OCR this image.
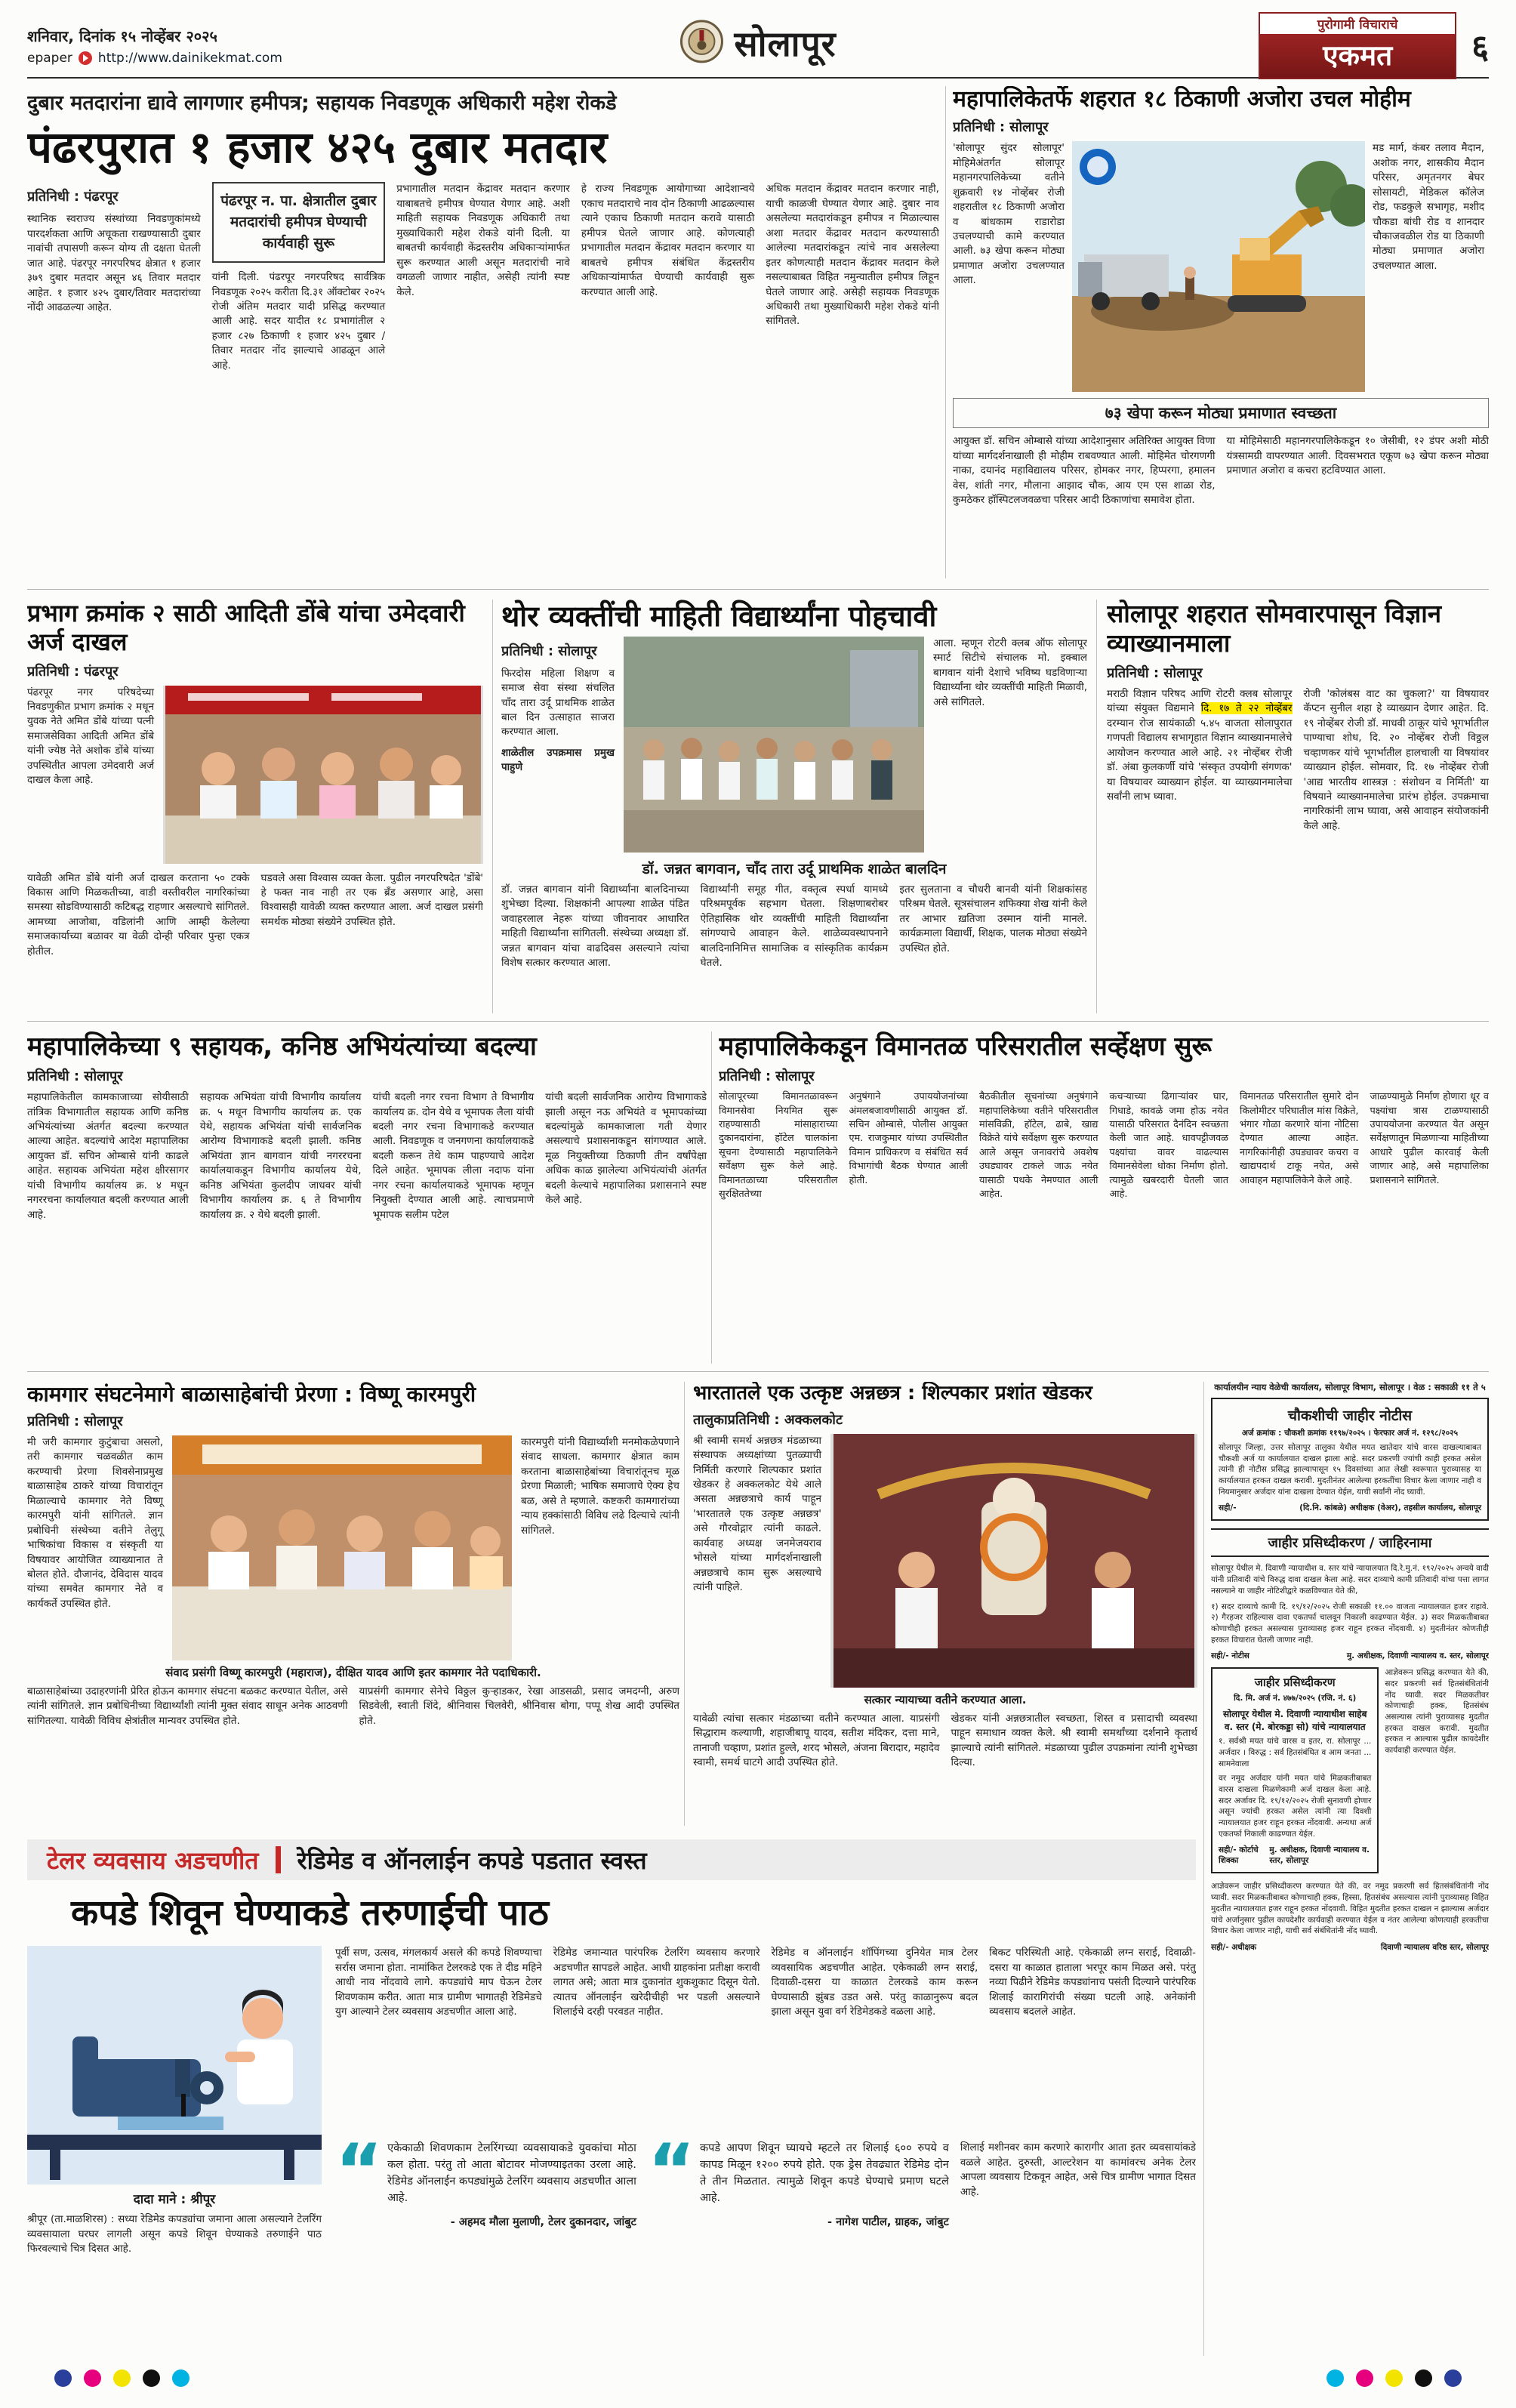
शनिवार, दिनांक १५ नोव्हेंबर २०२५
epaper http://www.dainikekmat.com	सोलापूर	पुरोगामी विचाराचे
एकमत	६
दुबार मतदारांना द्यावे लागणार हमीपत्र; सहायक निवडणूक अधिकारी महेश रोकडे
पंढरपुरात १ हजार ४२५ दुबार मतदार
प्रतिनिधी : पंढरपूर
स्थानिक स्वराज्य संस्थांच्या निवडणुकांमध्ये पारदर्शकता आणि अचूकता राखण्यासाठी दुबार नावांची तपासणी करून योग्य ती दक्षता घेतली जात आहे. पंढरपूर नगरपरिषद क्षेत्रात १ हजार ३७९ दुबार मतदार असून ४६ तिवार मतदार आहेत. १ हजार ४२५ दुबार/तिवार मतदारांच्या नोंदी आढळल्या आहेत.
पंढरपूर न. पा. क्षेत्रातील दुबार मतदारांची हमीपत्र घेण्याची कार्यवाही सुरू
यांनी दिली. पंढरपूर नगरपरिषद सार्वत्रिक निवडणूक २०२५ करीता दि.३१ ऑक्टोबर २०२५ रोजी अंतिम मतदार यादी प्रसिद्ध करण्यात आली आहे. सदर यादीत १८ प्रभागांतील २ हजार ८२७ ठिकाणी १ हजार ४२५ दुबार / तिवार मतदार नोंद झाल्याचे आढळून आले आहे.
प्रभागातील मतदान केंद्रावर मतदान करणार याबाबतचे हमीपत्र घेण्यात येणार आहे. अशी माहिती सहायक निवडणूक अधिकारी तथा मुख्याधिकारी महेश रोकडे यांनी दिली. या बाबतची कार्यवाही केंद्रस्तरीय अधिकाऱ्यांमार्फत सुरू करण्यात आली असून मतदारांची नावे वगळली जाणार नाहीत, असेही त्यांनी स्पष्ट केले.
हे राज्य निवडणूक आयोगाच्या आदेशान्वये एकाच मतदाराचे नाव दोन ठिकाणी आढळल्यास त्याने एकाच ठिकाणी मतदान करावे यासाठी हमीपत्र घेतले जाणार आहे. कोणत्याही प्रभागातील मतदान केंद्रावर मतदान करणार या बाबतचे हमीपत्र संबंधित केंद्रस्तरीय अधिकाऱ्यांमार्फत घेण्याची कार्यवाही सुरू करण्यात आली आहे.
अधिक मतदान केंद्रावर मतदान करणार नाही, याची काळजी घेण्यात येणार आहे. दुबार नाव असलेल्या मतदारांकडून हमीपत्र न मिळाल्यास अशा मतदार केंद्रावर मतदान करण्यासाठी आलेल्या मतदारांकडून त्यांचे नाव असलेल्या इतर कोणत्याही मतदान केंद्रावर मतदान केले नसल्याबाबत विहित नमुन्यातील हमीपत्र लिहून घेतले जाणार आहे. असेही सहायक निवडणूक अधिकारी तथा मुख्याधिकारी महेश रोकडे यांनी सांगितले.
महापालिकेतर्फे शहरात १८ ठिकाणी अजोरा उचल मोहीम
प्रतिनिधी : सोलापूर
'सोलापूर सुंदर सोलापूर' मोहिमेअंतर्गत सोलापूर महानगरपालिकेच्या वतीने शुक्रवारी १४ नोव्हेंबर रोजी शहरातील १८ ठिकाणी अजोरा व बांधकाम राडारोडा उचलण्याची कामे करण्यात आली. ७३ खेपा करून मोठ्या प्रमाणात अजोरा उचलण्यात आला.
मड मार्ग, कंबर तलाव मैदान, अशोक नगर, शासकीय मैदान परिसर, अमृतनगर बेघर सोसायटी, मेडिकल कॉलेज रोड, फडकुले सभागृह, मशीद चौकडा बांधी रोड व शानदार चौकाजवळील रोड या ठिकाणी मोठ्या प्रमाणात अजोरा उचलण्यात आला.
७३ खेपा करून मोठ्या प्रमाणात स्वच्छता
आयुक्त डॉ. सचिन ओम्बासे यांच्या आदेशानुसार अतिरिक्त आयुक्त विणा यांच्या मार्गदर्शनाखाली ही मोहीम राबवण्यात आली. मोहिमेत चोरगणगी नाका, दयानंद महाविद्यालय परिसर, होमकर नगर, हिप्परगा, हमालन वेस, शांती नगर, मौलाना आझाद चौक, आय एम एस शाळा रोड, कुमठेकर हॉस्पिटलजवळचा परिसर आदी ठिकाणांचा समावेश होता.
या मोहिमेसाठी महानगरपालिकेकडून १० जेसीबी, १२ डंपर अशी मोठी यंत्रसामग्री वापरण्यात आली. दिवसभरात एकूण ७३ खेपा करून मोठ्या प्रमाणात अजोरा व कचरा हटविण्यात आला.
प्रभाग क्रमांक २ साठी आदिती डोंबे यांचा उमेदवारी अर्ज दाखल
प्रतिनिधी : पंढरपूर
पंढरपूर नगर परिषदेच्या निवडणुकीत प्रभाग क्रमांक २ मधून युवक नेते अमित डोंबे यांच्या पत्नी समाजसेविका आदिती अमित डोंबे यांनी ज्येष्ठ नेते अशोक डोंबे यांच्या उपस्थितीत आपला उमेदवारी अर्ज दाखल केला आहे.
यावेळी अमित डोंबे यांनी अर्ज दाखल करताना ५० टक्के विकास आणि मिळकतीच्या, वाडी वस्तीवरील नागरिकांच्या समस्या सोडविण्यासाठी कटिबद्ध राहणार असल्याचे सांगितले. आमच्या आजोबा, वडिलांनी आणि आम्ही केलेल्या समाजकार्याच्या बळावर या वेळी दोन्ही परिवार पुन्हा एकत्र होतील.
घडवले असा विश्वास व्यक्त केला. पुढील नगरपरिषदेत 'डोंबे' हे फक्त नाव नाही तर एक ब्रँड असणार आहे, असा विश्वासही यावेळी व्यक्त करण्यात आला. अर्ज दाखल प्रसंगी समर्थक मोठ्या संख्येने उपस्थित होते.
थोर व्यक्तींची माहिती विद्यार्थ्यांना पोहचावी
प्रतिनिधी : सोलापूर
फिरदोस महिला शिक्षण व समाज सेवा संस्था संचलित चाँद तारा उर्दू प्राथमिक शाळेत बाल दिन उत्साहात साजरा करण्यात आला.
शाळेतील उपक्रमास प्रमुख पाहुणे
आला. म्हणून रोटरी क्लब ऑफ सोलापूर स्मार्ट सिटीचे संचालक मो. इक्बाल बागवान यांनी देशाचे भविष्य घडविणाऱ्या विद्यार्थ्यांना थोर व्यक्तींची माहिती मिळावी, असे सांगितले.
डॉ. जन्नत बागवान, चाँद तारा उर्दू प्राथमिक शाळेत बालदिन
डॉ. जन्नत बागवान यांनी विद्यार्थ्यांना बालदिनाच्या शुभेच्छा दिल्या. शिक्षकांनी आपल्या शाळेत पंडित जवाहरलाल नेहरू यांच्या जीवनावर आधारित माहिती विद्यार्थ्यांना सांगितली. संस्थेच्या अध्यक्षा डॉ. जन्नत बागवान यांचा वाढदिवस असल्याने त्यांचा विशेष सत्कार करण्यात आला.
विद्यार्थ्यांनी समूह गीत, वक्तृत्व स्पर्धा यामध्ये परिश्रमपूर्वक सहभाग घेतला. शिक्षणाबरोबर ऐतिहासिक थोर व्यक्तींची माहिती विद्यार्थ्यांना सांगण्याचे आवाहन केले. शाळेव्यवस्थापनाने बालदिनानिमित्त सामाजिक व सांस्कृतिक कार्यक्रम घेतले.
इतर सुलताना व चौधरी बानवी यांनी शिक्षकांसह परिश्रम घेतले. सूत्रसंचालन शफिक्या शेख यांनी केले तर आभार ख़तिजा उस्मान यांनी मानले. कार्यक्रमाला विद्यार्थी, शिक्षक, पालक मोठ्या संख्येने उपस्थित होते.
सोलापूर शहरात सोमवारपासून विज्ञान व्याख्यानमाला
प्रतिनिधी : सोलापूर
मराठी विज्ञान परिषद आणि रोटरी क्लब सोलापूर यांच्या संयुक्त विद्यमाने दि. १७ ते २२ नोव्हेंबर दरम्यान रोज सायंकाळी ५.४५ वाजता सोलापुरात गणपती विद्यालय सभागृहात विज्ञान व्याख्यानमालेचे आयोजन करण्यात आले आहे. २१ नोव्हेंबर रोजी डॉ. अंबा कुलकर्णी यांचे 'संस्कृत उपयोगी संगणक' या विषयावर व्याख्यान होईल. या व्याख्यानमालेचा सर्वांनी लाभ घ्यावा.
रोजी 'कोलंबस वाट का चुकला?' या विषयावर कॅप्टन सुनील शहा हे व्याख्यान देणार आहेत. दि. १९ नोव्हेंबर रोजी डॉ. माधवी ठाकूर यांचे भूगर्भातील पाण्याचा शोध, दि. २० नोव्हेंबर रोजी विठ्ठल चव्हाणकर यांचे भूगर्भातील हालचाली या विषयांवर व्याख्यान होईल. सोमवार, दि. १७ नोव्हेंबर रोजी 'आद्य भारतीय शास्त्रज्ञ : संशोधन व निर्मिती' या विषयाने व्याख्यानमालेचा प्रारंभ होईल. उपक्रमाचा नागरिकांनी लाभ घ्यावा, असे आवाहन संयोजकांनी केले आहे.
महापालिकेच्या ९ सहायक, कनिष्ठ अभियंत्यांच्या बदल्या
प्रतिनिधी : सोलापूर
महापालिकेतील कामकाजाच्या सोयीसाठी तांत्रिक विभागातील सहायक आणि कनिष्ठ अभियंत्यांच्या अंतर्गत बदल्या करण्यात आल्या आहेत. बदल्यांचे आदेश महापालिका आयुक्त डॉ. सचिन ओम्बासे यांनी काढले आहेत. सहायक अभियंता महेश क्षीरसागर यांची विभागीय कार्यालय क्र. ४ मधून नगररचना कार्यालयात बदली करण्यात आली आहे.
सहायक अभियंता यांची विभागीय कार्यालय क्र. ५ मधून विभागीय कार्यालय क्र. एक येथे, सहायक अभियंता यांची सार्वजनिक आरोग्य विभागाकडे बदली झाली. कनिष्ठ अभियंता ज्ञान बागवान यांची नगररचना कार्यालयाकडून विभागीय कार्यालय येथे, कनिष्ठ अभियंता कुलदीप जाधवर यांची विभागीय कार्यालय क्र. ६ ते विभागीय कार्यालय क्र. २ येथे बदली झाली.
यांची बदली नगर रचना विभाग ते विभागीय कार्यालय क्र. दोन येथे व भूमापक लैला यांची बदली नगर रचना विभागाकडे करण्यात आली. निवडणूक व जनगणना कार्यालयाकडे बदली करून तेथे काम पाहण्याचे आदेश दिले आहेत. भूमापक लीला नदाफ यांना नगर रचना कार्यालयाकडे भूमापक म्हणून नियुक्ती देण्यात आली आहे. त्याचप्रमाणे भूमापक सलीम पटेल
यांची बदली सार्वजनिक आरोग्य विभागाकडे झाली असून नऊ अभियंते व भूमापकांच्या बदल्यांमुळे कामकाजाला गती येणार असल्याचे प्रशासनाकडून सांगण्यात आले. मूळ नियुक्तीच्या ठिकाणी तीन वर्षांपेक्षा अधिक काळ झालेल्या अभियंत्यांची अंतर्गत बदली केल्याचे महापालिका प्रशासनाने स्पष्ट केले आहे.
महापालिकेकडून विमानतळ परिसरातील सर्व्हेक्षण सुरू
प्रतिनिधी : सोलापूर
सोलापूरच्या विमानतळावरून विमानसेवा नियमित सुरू राहण्यासाठी मांसाहाराच्या दुकानदारांना, हॉटेल चालकांना सूचना देण्यासाठी महापालिकेने सर्वेक्षण सुरू केले आहे. विमानतळाच्या परिसरातील सुरक्षिततेच्या
अनुषंगाने उपाययोजनांच्या अंमलबजावणीसाठी आयुक्त डॉ. सचिन ओम्बासे, पोलीस आयुक्त एम. राजकुमार यांच्या उपस्थितीत विमान प्राधिकरण व संबंधित सर्व विभागांची बैठक घेण्यात आली होती.
बैठकीतील सूचनांच्या अनुषंगाने महापालिकेच्या वतीने परिसरातील मांसविक्री, हॉटेल, ढाबे, खाद्य विक्रेते यांचे सर्वेक्षण सुरू करण्यात आले असून जनावरांचे अवशेष उघड्यावर टाकले जाऊ नयेत यासाठी पथके नेमण्यात आली आहेत.
कचऱ्याच्या ढिगाऱ्यांवर घार, गिधाडे, कावळे जमा होऊ नयेत यासाठी परिसरात दैनंदिन स्वच्छता केली जात आहे. धावपट्टीजवळ पक्ष्यांचा वावर वाढल्यास विमानसेवेला धोका निर्माण होतो. त्यामुळे खबरदारी घेतली जात आहे.
विमानतळ परिसरातील सुमारे दोन किलोमीटर परिघातील मांस विक्रेते, भंगार गोळा करणारे यांना नोटिसा देण्यात आल्या आहेत. नागरिकांनीही उघड्यावर कचरा व खाद्यपदार्थ टाकू नयेत, असे आवाहन महापालिकेने केले आहे.
जाळण्यामुळे निर्माण होणारा धूर व पक्ष्यांचा त्रास टाळण्यासाठी उपाययोजना करण्यात येत असून सर्वेक्षणातून मिळणाऱ्या माहितीच्या आधारे पुढील कारवाई केली जाणार आहे, असे महापालिका प्रशासनाने सांगितले.
कामगार संघटनेमागे बाळासाहेबांची प्रेरणा : विष्णू कारमपुरी
प्रतिनिधी : सोलापूर
मी जरी कामगार कुटुंबाचा असलो, तरी कामगार चळवळीत काम करण्याची प्रेरणा शिवसेनाप्रमुख बाळासाहेब ठाकरे यांच्या विचारांतून मिळाल्याचे कामगार नेते विष्णू कारमपुरी यांनी सांगितले. ज्ञान प्रबोधिनी संस्थेच्या वतीने तेलुगू भाषिकांचा विकास व संस्कृती या विषयावर आयोजित व्याख्यानात ते बोलत होते. दौजानंद, देविदास यादव यांच्या समवेत कामगार नेते व कार्यकर्ते उपस्थित होते.
कारमपुरी यांनी विद्यार्थ्यांशी मनमोकळेपणाने संवाद साधला. कामगार क्षेत्रात काम करताना बाळासाहेबांच्या विचारांतूनच मूळ प्रेरणा मिळाली; भाषिक समाजाचे ऐक्य हेच बळ, असे ते म्हणाले. कष्टकरी कामगारांच्या न्याय हक्कांसाठी विविध लढे दिल्याचे त्यांनी सांगितले.
संवाद प्रसंगी विष्णू कारमपुरी (महाराज), दीक्षित यादव आणि इतर कामगार नेते पदाधिकारी.
बाळासाहेबांच्या उदाहरणांनी प्रेरित होऊन कामगार संघटना बळकट करण्यात येतील, असे त्यांनी सांगितले. ज्ञान प्रबोधिनीच्या विद्यार्थ्यांशी त्यांनी मुक्त संवाद साधून अनेक आठवणी सांगितल्या. यावेळी विविध क्षेत्रांतील मान्यवर उपस्थित होते.
याप्रसंगी कामगार सेनेचे विठ्ठल कुऱ्हाडकर, रेखा आडसळी, प्रसाद जमदग्नी, अरुण सिडवेली, स्वाती शिंदे, श्रीनिवास चिलवेरी, श्रीनिवास बोगा, पप्पू शेख आदी उपस्थित होते.
भारतातले एक उत्कृष्ट अन्नछत्र : शिल्पकार प्रशांत खेडकर
तालुकाप्रतिनिधी : अक्कलकोट
श्री स्वामी समर्थ अन्नछत्र मंडळाच्या संस्थापक अध्यक्षांच्या पुतळ्याची निर्मिती करणारे शिल्पकार प्रशांत खेडकर हे अक्कलकोट येथे आले असता अन्नछत्राचे कार्य पाहून 'भारतातले एक उत्कृष्ट अन्नछत्र' असे गौरवोद्गार त्यांनी काढले. कार्यवाह अध्यक्ष जनमेजयराव भोसले यांच्या मार्गदर्शनाखाली अन्नछत्राचे काम सुरू असल्याचे त्यांनी पाहिले.
सत्कार न्यायाच्या वतीने करण्यात आला.
यावेळी त्यांचा सत्कार मंडळाच्या वतीने करण्यात आला. याप्रसंगी सिद्धाराम कल्याणी, शहाजीबापू यादव, सतीश मंदिकर, दत्ता माने, तानाजी चव्हाण, प्रशांत हुल्ले, शरद भोसले, अंजना बिरादार, महादेव स्वामी, समर्थ घाटगे आदी उपस्थित होते.
खेडकर यांनी अन्नछत्रातील स्वच्छता, शिस्त व प्रसादाची व्यवस्था पाहून समाधान व्यक्त केले. श्री स्वामी समर्थांच्या दर्शनाने कृतार्थ झाल्याचे त्यांनी सांगितले. मंडळाच्या पुढील उपक्रमांना त्यांनी शुभेच्छा दिल्या.
कार्यालयीन न्याय वेळेची कार्यालय, सोलापूर विभाग, सोलापूर । वेळ : सकाळी ११ ते ५
चौकशीची जाहीर नोटीस
अर्ज क्रमांक : चौकशी क्रमांक ११९७/२०२५ । फेरफार अर्ज नं. १२९८/२०२५
सोलापूर जिल्हा, उत्तर सोलापूर तालुका येथील मयत खातेदार यांचे वारस दाखल्याबाबत चौकशी अर्ज या कार्यालयात दाखल झाला आहे. सदर प्रकरणी ज्यांची काही हरकत असेल त्यांनी ही नोटीस प्रसिद्ध झाल्यापासून १५ दिवसांच्या आत लेखी स्वरूपात पुराव्यासह या कार्यालयात हरकत दाखल करावी. मुदतीनंतर आलेल्या हरकतींचा विचार केला जाणार नाही व नियमानुसार अर्जदार यांना दाखला देण्यात येईल, याची सर्वांनी नोंद घ्यावी.
सही/-	(दि.नि. कांबळे) अधीक्षक (वेअर), तहसील कार्यालय, सोलापूर
जाहीर प्रसिध्दीकरण / जाहिरनामा
सोलापूर येथील मे. दिवाणी न्यायाधीश व. स्तर यांचे न्यायालयात दि.रे.मु.नं. १९२/२०२५ अन्वये वादी यांनी प्रतिवादी यांचे विरुद्ध दावा दाखल केला आहे. सदर दाव्याचे कामी प्रतिवादी यांचा पत्ता लागत नसल्याने या जाहीर नोटिशीद्वारे कळविण्यात येते की,
१) सदर दाव्याचे कामी दि. १९/१२/२०२५ रोजी सकाळी ११.०० वाजता न्यायालयात हजर राहावे. २) गैरहजर राहिल्यास दावा एकतर्फा चालवून निकाली काढण्यात येईल. ३) सदर मिळकतीबाबत कोणाचीही हरकत असल्यास पुराव्यासह हजर राहून हरकत नोंदवावी. ४) मुदतीनंतर कोणतीही हरकत विचारात घेतली जाणार नाही.
सही/- नोटीस	मु. अधीक्षक, दिवाणी न्यायालय व. स्तर, सोलापूर
जाहीर प्रसिध्दीकरण
दि. मि. अर्ज नं. ४७७/२०२५ (रजि. नं. ६)
सोलापूर येथील मे. दिवाणी न्यायाधीश साहेब व. स्तर (मे. बोरकड्डा सो) यांचे न्यायालयात
१. सर्वश्री मयत यांचे वारस व इतर, रा. सोलापूर ... अर्जदार । विरुद्ध : सर्व हितसंबंधित व आम जनता ... सामनेवाला
वर नमूद अर्जदार यांनी मयत यांचे मिळकतीबाबत वारस दाखला मिळणेकामी अर्ज दाखल केला आहे. सदर अर्जावर दि. १९/१२/२०२५ रोजी सुनावणी होणार असून ज्यांची हरकत असेल त्यांनी त्या दिवशी न्यायालयात हजर राहून हरकत नोंदवावी. अन्यथा अर्ज एकतर्फा निकाली काढण्यात येईल.
सही/- कोर्टाचे शिक्का
मु. अधीक्षक, दिवाणी न्यायालय व. स्तर, सोलापूर
आज्ञेवरून प्रसिद्ध करण्यात येते की, सदर प्रकरणी सर्व हितसंबंधितांनी नोंद घ्यावी. सदर मिळकतीवर कोणाचाही हक्क, हितसंबंध असल्यास त्यांनी पुराव्यासह मुदतीत हरकत दाखल करावी. मुदतीत हरकत न आल्यास पुढील कायदेशीर कार्यवाही करण्यात येईल.
आज्ञेवरून जाहीर प्रसिध्दीकरण करण्यात येते की, वर नमूद प्रकरणी सर्व हितसंबंधितांनी नोंद घ्यावी. सदर मिळकतीबाबत कोणाचाही हक्क, हिस्सा, हितसंबंध असल्यास त्यांनी पुराव्यासह विहित मुदतीत न्यायालयात हजर राहून हरकत नोंदवावी. विहित मुदतीत हरकत दाखल न झाल्यास अर्जदार यांचे अर्जानुसार पुढील कायदेशीर कार्यवाही करण्यात येईल व नंतर आलेल्या कोणत्याही हरकतीचा विचार केला जाणार नाही, याची सर्व संबंधितांनी नोंद घ्यावी.
सही/- अधीक्षक	दिवाणी न्यायालय वरिष्ठ स्तर, सोलापूर
टेलर व्यवसाय अडचणीत रेडिमेड व ऑनलाईन कपडे पडतात स्वस्त
कपडे शिवून घेण्याकडे तरुणाईची पाठ
दादा माने : श्रीपूर
श्रीपूर (ता.माळशिरस) : सध्या रेडिमेड कपड्यांचा जमाना आला असल्याने टेलरिंग व्यवसायाला घरघर लागली असून कपडे शिवून घेण्याकडे तरुणाईने पाठ फिरवल्याचे चित्र दिसत आहे.
पूर्वी सण, उत्सव, मंगलकार्य असले की कपडे शिवण्याचा सर्रास जमाना होता. नामांकित टेलरकडे एक ते दीड महिने आधी नाव नोंदवावे लागे. कपड्यांचे माप घेऊन टेलर शिवणकाम करीत. आता मात्र ग्रामीण भागातही रेडिमेडचे युग आल्याने टेलर व्यवसाय अडचणीत आला आहे.
रेडिमेड जमान्यात पारंपरिक टेलरिंग व्यवसाय करणारे अडचणीत सापडले आहेत. आधी ग्राहकांना प्रतीक्षा करावी लागत असे; आता मात्र दुकानांत शुकशुकाट दिसून येतो. त्यातच ऑनलाईन खरेदीचीही भर पडली असल्याने शिलाईचे दरही परवडत नाहीत.
रेडिमेड व ऑनलाईन शॉपिंगच्या दुनियेत मात्र टेलर व्यवसायिक अडचणीत आहेत. एकेकाळी लग्न सराई, दिवाळी-दसरा या काळात टेलरकडे काम करून घेण्यासाठी झुंबड उडत असे. परंतु काळानुरूप बदल झाला असून युवा वर्ग रेडिमेडकडे वळला आहे.
बिकट परिस्थिती आहे. एकेकाळी लग्न सराई, दिवाळी-दसरा या काळात हाताला भरपूर काम मिळत असे. परंतु नव्या पिढीने रेडिमेड कपड्यांनाच पसंती दिल्याने पारंपरिक शिलाई कारागिरांची संख्या घटली आहे. अनेकांनी व्यवसाय बदलले आहेत.
“ एकेकाळी शिवणकाम टेलरिंगच्या व्यवसायाकडे युवकांचा मोठा कल होता. परंतु तो आता बोटावर मोजण्याइतका उरला आहे. रेडिमेड ऑनलाईन कपड्यांमुळे टेलरिंग व्यवसाय अडचणीत आला आहे.
- अहमद मौला मुलाणी, टेलर दुकानदार, जांबुट
“ कपडे आपण शिवून घ्यायचे म्हटले तर शिलाई ६०० रुपये व कापड मिळून १२०० रुपये होते. एक ड्रेस तेवढ्यात रेडिमेड दोन ते तीन मिळतात. त्यामुळे शिवून कपडे घेण्याचे प्रमाण घटले आहे.
- नागेश पाटील, ग्राहक, जांबुट
शिलाई मशीनवर काम करणारे कारागीर आता इतर व्यवसायांकडे वळले आहेत. दुरुस्ती, आल्टरेशन या कामांवरच अनेक टेलर आपला व्यवसाय टिकवून आहेत, असे चित्र ग्रामीण भागात दिसत आहे.
